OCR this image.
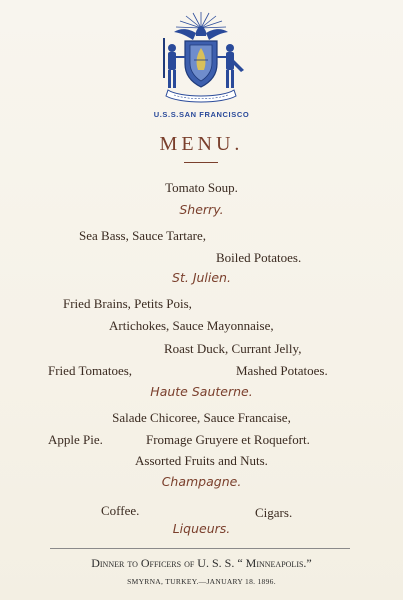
U.S.S.SAN FRANCISCO
MENU.
Tomato Soup.
Sherry.
Sea Bass, Sauce Tartare,
Boiled Potatoes.
St. Julien.
Fried Brains, Petits Pois,
Artichokes, Sauce Mayonnaise,
Roast Duck, Currant Jelly,
Fried Tomatoes,	Mashed Potatoes.
Haute Sauterne.
Salade Chicoree, Sauce Francaise,
Apple Pie.	Fromage Gruyere et Roquefort.
Assorted Fruits and Nuts.
Champagne.
Coffee.	Cigars.
Liqueurs.
Dinner to Officers of U. S. S. “ Minneapolis.”
SMYRNA, TURKEY.—JANUARY 18. 1896.
